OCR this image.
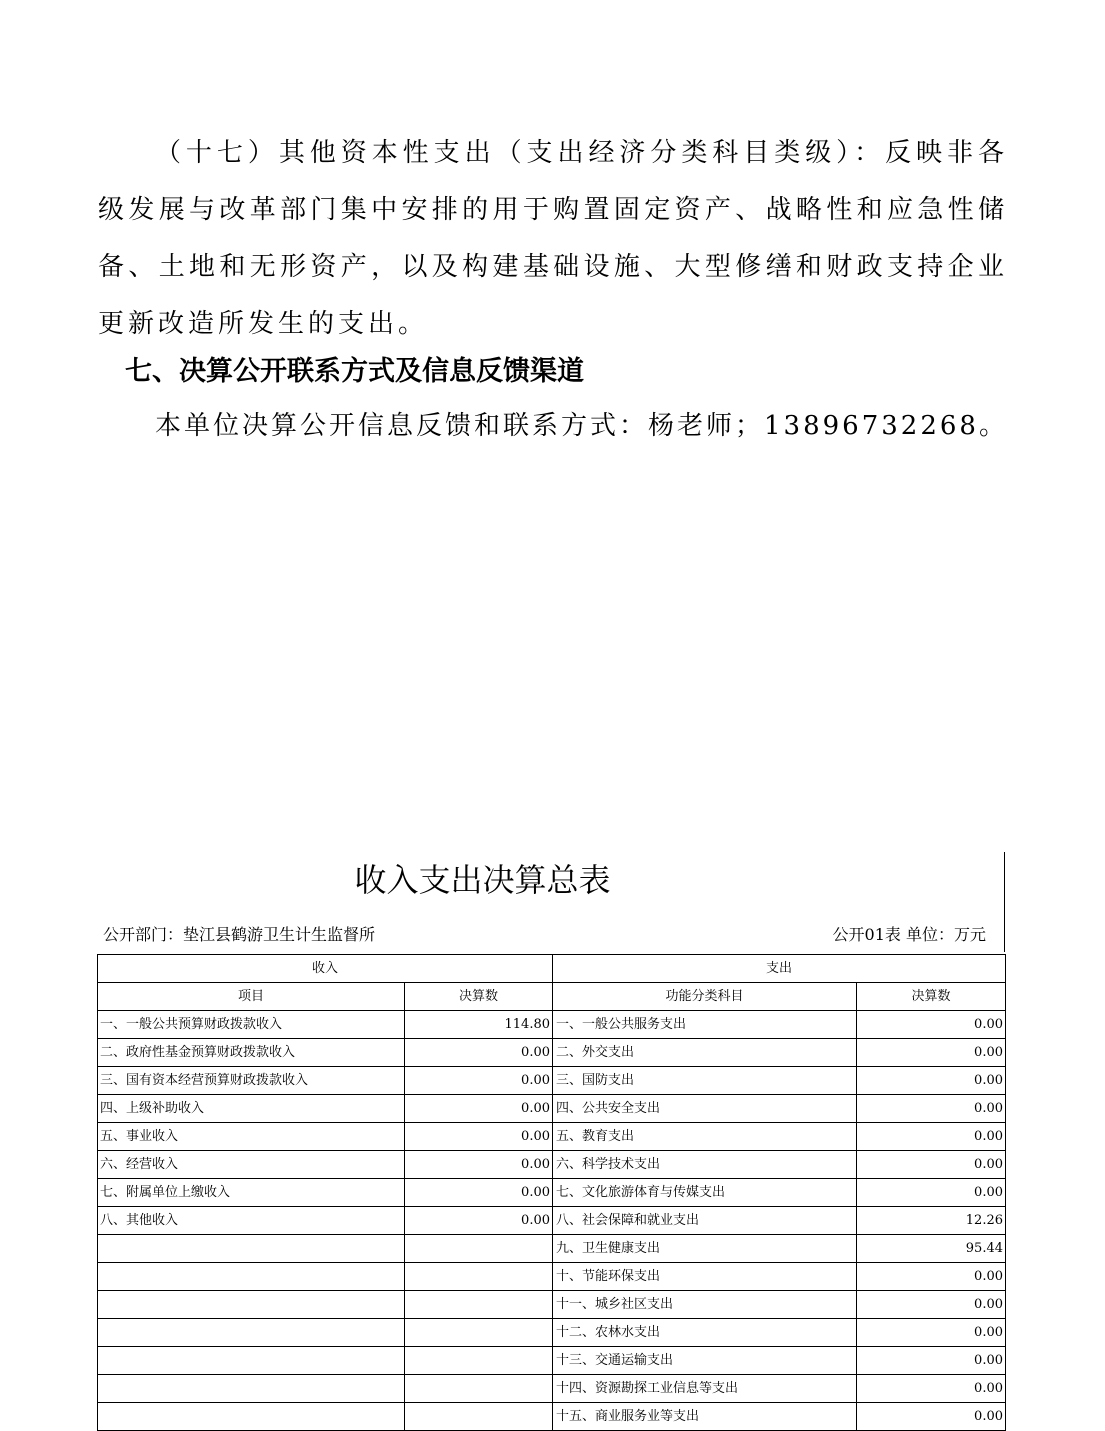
（十七）其他资本性支出（支出经济分类科目类级）：反映非各级发展与改革部门集中安排的用于购置固定资产、战略性和应急性储备、土地和无形资产，以及构建基础设施、大型修缮和财政支持企业更新改造所发生的支出。
七、决算公开联系方式及信息反馈渠道
本单位决算公开信息反馈和联系方式：杨老师；13896732268。
收入支出决算总表
公开部门：垫江县鹤游卫生计生监督所	公开01表 单位：万元
收入		支出	
项目	决算数	功能分类科目	决算数
一、一般公共预算财政拨款收入	114.80	一、一般公共服务支出	0.00
二、政府性基金预算财政拨款收入	0.00	二、外交支出	0.00
三、国有资本经营预算财政拨款收入	0.00	三、国防支出	0.00
四、上级补助收入	0.00	四、公共安全支出	0.00
五、事业收入	0.00	五、教育支出	0.00
六、经营收入	0.00	六、科学技术支出	0.00
七、附属单位上缴收入	0.00	七、文化旅游体育与传媒支出	0.00
八、其他收入	0.00	八、社会保障和就业支出	12.26
		九、卫生健康支出	95.44
		十、节能环保支出	0.00
		十一、城乡社区支出	0.00
		十二、农林水支出	0.00
		十三、交通运输支出	0.00
		十四、资源勘探工业信息等支出	0.00
		十五、商业服务业等支出	0.00
